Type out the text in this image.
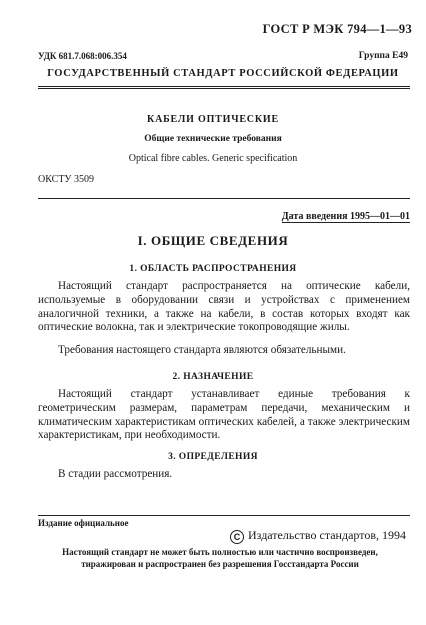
ГОСТ Р МЭК 794—1—93
УДК 681.7.068:006.354	Группа Е49
ГОСУДАРСТВЕННЫЙ СТАНДАРТ РОССИЙСКОЙ ФЕДЕРАЦИИ
КАБЕЛИ ОПТИЧЕСКИЕ
Общие технические требования
Optical fibre cables. Generic specification
ОКСТУ 3509
Дата введения 1995—01—01
I. ОБЩИЕ СВЕДЕНИЯ
1. ОБЛАСТЬ РАСПРОСТРАНЕНИЯ

Настоящий стандарт распространяется на оптические кабели, используемые в оборудовании связи и устройствах с применением аналогичной техники, а также на кабели, в состав которых входят как оптические волокна, так и электрические токопроводящие жилы.

Требования настоящего стандарта являются обязательными.

2. НАЗНАЧЕНИЕ

Настоящий стандарт устанавливает единые требования к геометрическим размерам, параметрам передачи, механическим и климатическим характеристикам оптических кабелей, а также электрическим характеристикам, при необходимости.

3. ОПРЕДЕЛЕНИЯ

В стадии рассмотрения.

Издание официальное
C Издательство стандартов, 1994
Настоящий стандарт не может быть полностью или частично воспроизведен,
тиражирован и распространен без разрешения Госстандарта России
